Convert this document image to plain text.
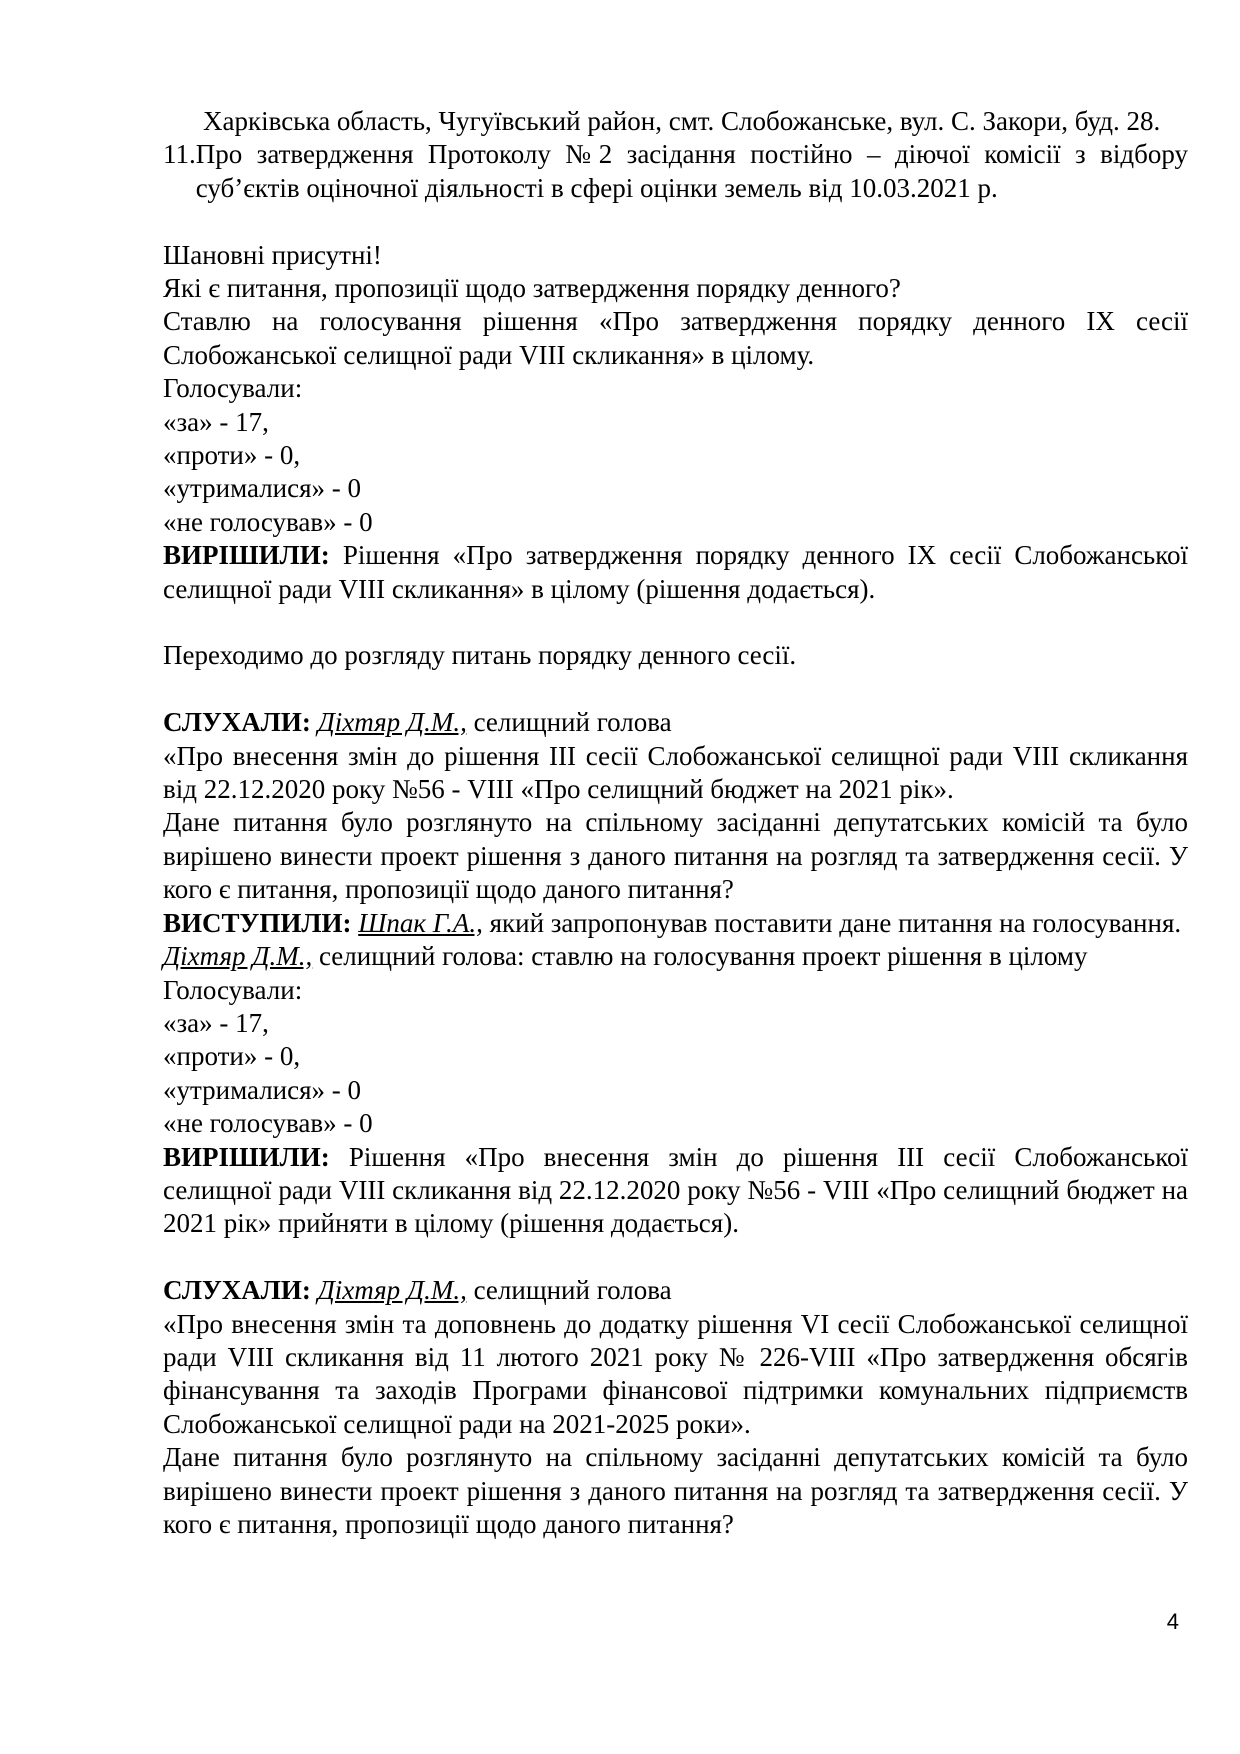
Харківська область, Чугуївський район, смт. Слобожанське, вул. С. Закори, буд. 28.

11. Про затвердження Протоколу №2 засідання постійно – діючої комісії з відбору суб’єктів оціночної діяльності в сфері оцінки земель від 10.03.2021 р.

Шановні присутні!

Які є питання, пропозиції щодо затвердження порядку денного?

Ставлю на голосування рішення «Про затвердження порядку денного IX сесії Слобожанської селищної ради VIII скликання» в цілому.

Голосували:

«за» - 17,

«проти» - 0,

«утрималися» - 0

«не голосував» - 0

ВИРІШИЛИ: Рішення «Про затвердження порядку денного IX сесії Слобожанської селищної ради VIII скликання» в цілому (рішення додається).

Переходимо до розгляду питань порядку денного сесії.

СЛУХАЛИ: Діхтяр Д.М., селищний голова

«Про внесення змін до рішення ІІІ сесії Слобожанської селищної ради VIII скликання від 22.12.2020 року №56 - VIII «Про селищний бюджет на 2021 рік».

Дане питання було розглянуто на спільному засіданні депутатських комісій та було вирішено винести проект рішення з даного питання на розгляд та затвердження сесії. У кого є питання, пропозиції щодо даного питання?

ВИСТУПИЛИ: Шпак Г.А., який запропонував поставити дане питання на голосування.

Діхтяр Д.М., селищний голова: ставлю на голосування проект рішення в цілому

Голосували:

«за» - 17,

«проти» - 0,

«утрималися» - 0

«не голосував» - 0

ВИРІШИЛИ: Рішення «Про внесення змін до рішення ІІІ сесії Слобожанської селищної ради VIII скликання від 22.12.2020 року №56 - VIII «Про селищний бюджет на 2021 рік» прийняти в цілому (рішення додається).

СЛУХАЛИ: Діхтяр Д.М., селищний голова

«Про внесення змін та доповнень до додатку рішення VІ сесії Слобожанської селищної ради VIII скликання від 11 лютого 2021 року № 226-VIII «Про затвердження обсягів фінансування та заходів Програми фінансової підтримки комунальних підприємств Слобожанської селищної ради на 2021-2025 роки».

Дане питання було розглянуто на спільному засіданні депутатських комісій та було вирішено винести проект рішення з даного питання на розгляд та затвердження сесії. У кого є питання, пропозиції щодо даного питання?

4
